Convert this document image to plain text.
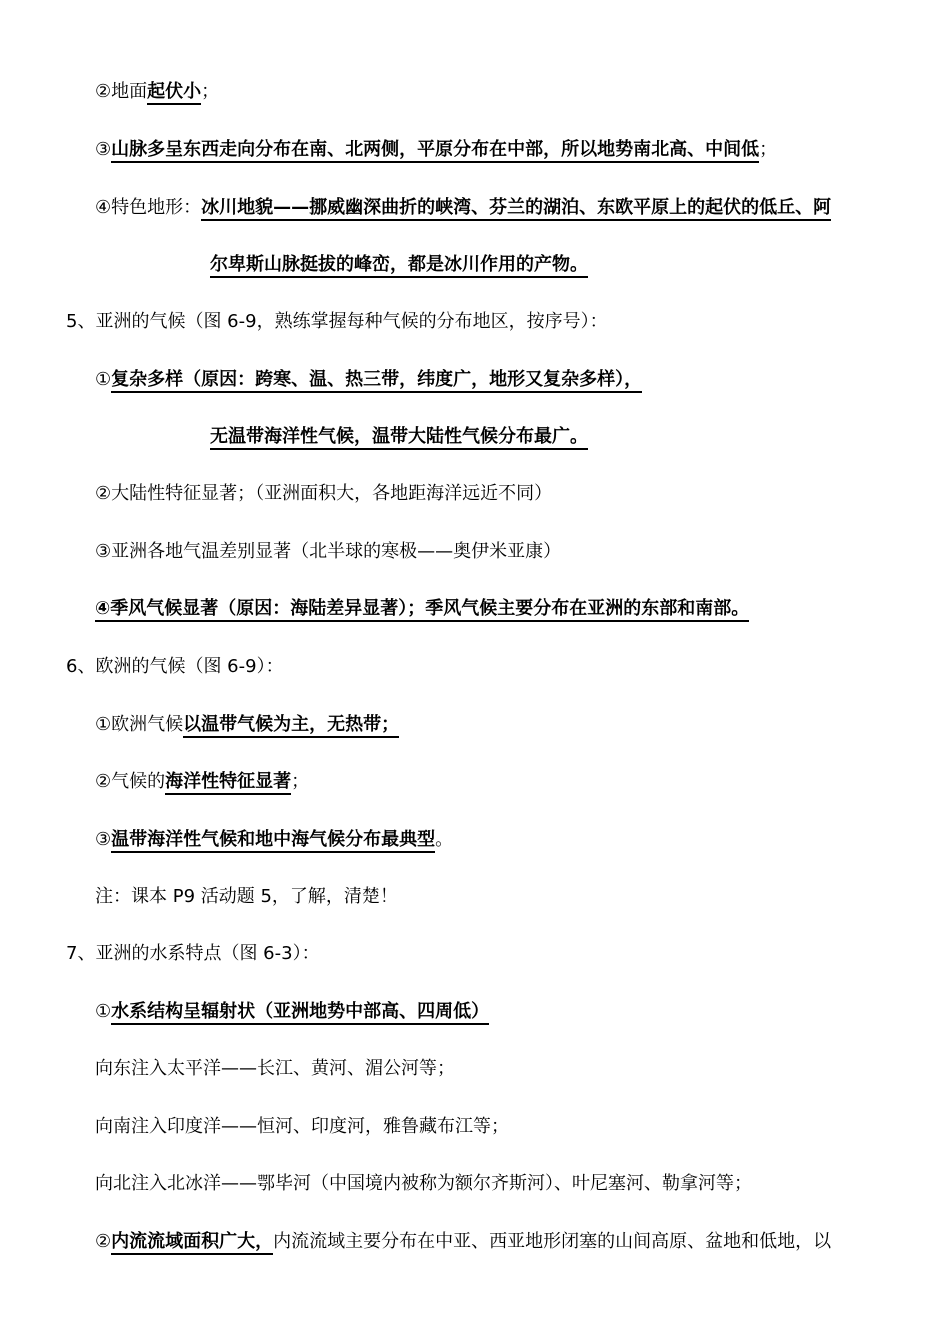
②地面起伏小；
③山脉多呈东西走向分布在南、北两侧，平原分布在中部，所以地势南北高、中间低；
④特色地形：冰川地貌——挪威幽深曲折的峡湾、芬兰的湖泊、东欧平原上的起伏的低丘、阿
尔卑斯山脉挺拔的峰峦，都是冰川作用的产物。
5、亚洲的气候（图 6-9，熟练掌握每种气候的分布地区，按序号）：
①复杂多样（原因：跨寒、温、热三带，纬度广，地形又复杂多样），
无温带海洋性气候，温带大陆性气候分布最广。
②大陆性特征显著；（亚洲面积大，各地距海洋远近不同）
③亚洲各地气温差别显著（北半球的寒极——奥伊米亚康）
④季风气候显著（原因：海陆差异显著）；季风气候主要分布在亚洲的东部和南部。
6、欧洲的气候（图 6-9）：
①欧洲气候以温带气候为主，无热带；
②气候的海洋性特征显著；
③温带海洋性气候和地中海气候分布最典型。
注：课本 P9 活动题 5，了解，清楚！
7、亚洲的水系特点（图 6-3）：
①水系结构呈辐射状（亚洲地势中部高、四周低）
向东注入太平洋——长江、黄河、湄公河等；
向南注入印度洋——恒河、印度河，雅鲁藏布江等；
向北注入北冰洋——鄂毕河（中国境内被称为额尔齐斯河）、叶尼塞河、勒拿河等；
②内流流域面积广大，内流流域主要分布在中亚、西亚地形闭塞的山间高原、盆地和低地，以
